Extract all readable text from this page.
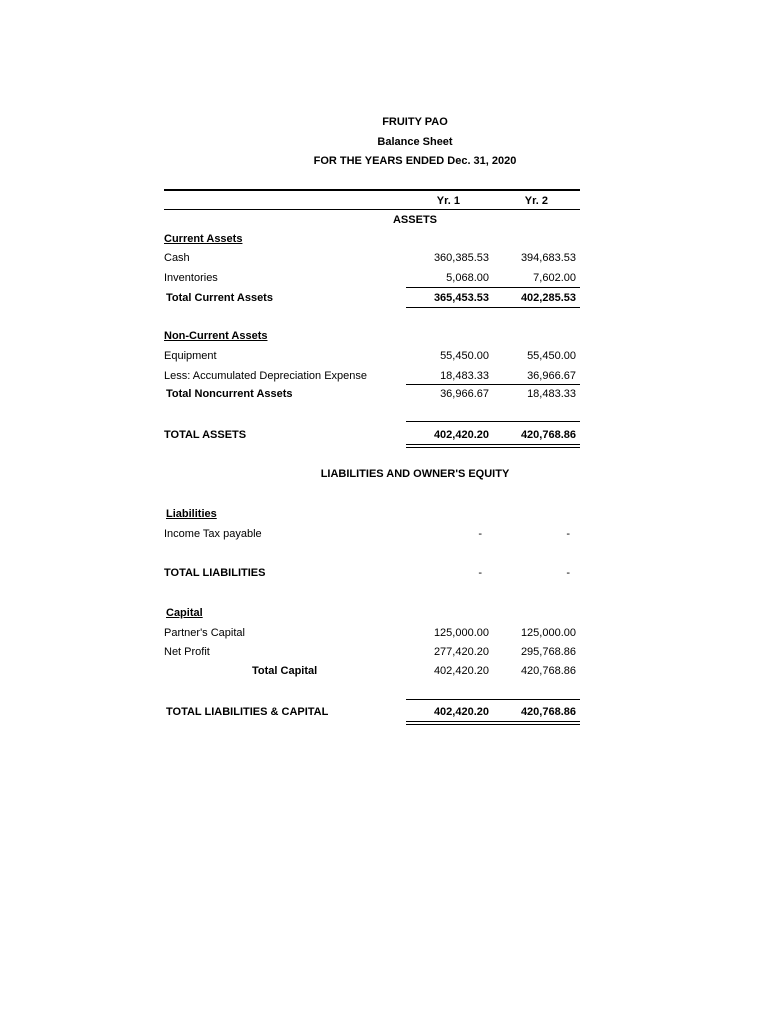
FRUITY PAO
Balance Sheet
FOR THE YEARS ENDED Dec. 31, 2020
Yr. 1	Yr. 2
ASSETS
Current Assets
Cash	360,385.53	394,683.53
Inventories	5,068.00	7,602.00
Total Current Assets	365,453.53	402,285.53
Non-Current Assets
Equipment	55,450.00	55,450.00
Less: Accumulated Depreciation Expense	18,483.33	36,966.67
Total Noncurrent Assets	36,966.67	18,483.33
TOTAL ASSETS	402,420.20	420,768.86
LIABILITIES AND OWNER'S EQUITY
Liabilities
Income Tax payable	-	-
TOTAL LIABILITIES	-	-
Capital
Partner's Capital	125,000.00	125,000.00
Net Profit	277,420.20	295,768.86
Total Capital	402,420.20	420,768.86
TOTAL LIABILITIES & CAPITAL	402,420.20	420,768.86
